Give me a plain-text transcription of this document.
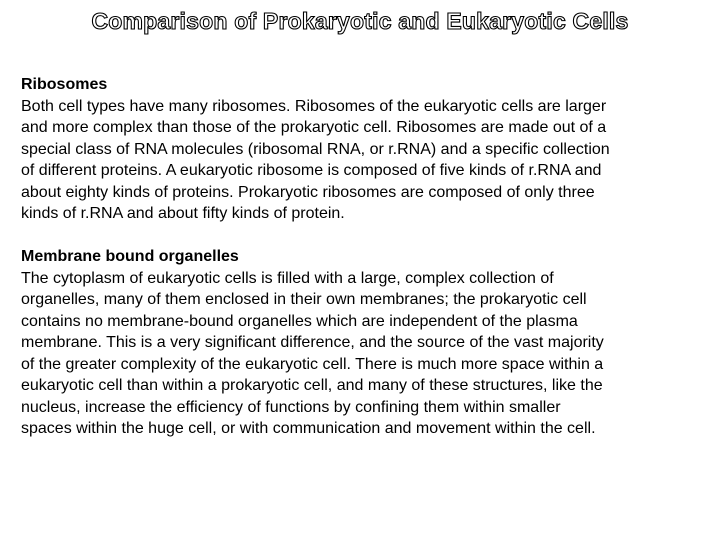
Comparison of Prokaryotic and Eukaryotic Cells
Ribosomes
Both cell types have many ribosomes. Ribosomes of the eukaryotic cells are larger
and more complex than those of the prokaryotic cell. Ribosomes are made out of a
special class of RNA molecules (ribosomal RNA, or r.RNA) and a specific collection
of different proteins. A eukaryotic ribosome is composed of five kinds of r.RNA and
about eighty kinds of proteins. Prokaryotic ribosomes are composed of only three
kinds of r.RNA and about fifty kinds of protein.
Membrane bound organelles
The cytoplasm of eukaryotic cells is filled with a large, complex collection of
organelles, many of them enclosed in their own membranes; the prokaryotic cell
contains no membrane-bound organelles which are independent of the plasma
membrane. This is a very significant difference, and the source of the vast majority
of the greater complexity of the eukaryotic cell. There is much more space within a
eukaryotic cell than within a prokaryotic cell, and many of these structures, like the
nucleus, increase the efficiency of functions by confining them within smaller
spaces within the huge cell, or with communication and movement within the cell.
